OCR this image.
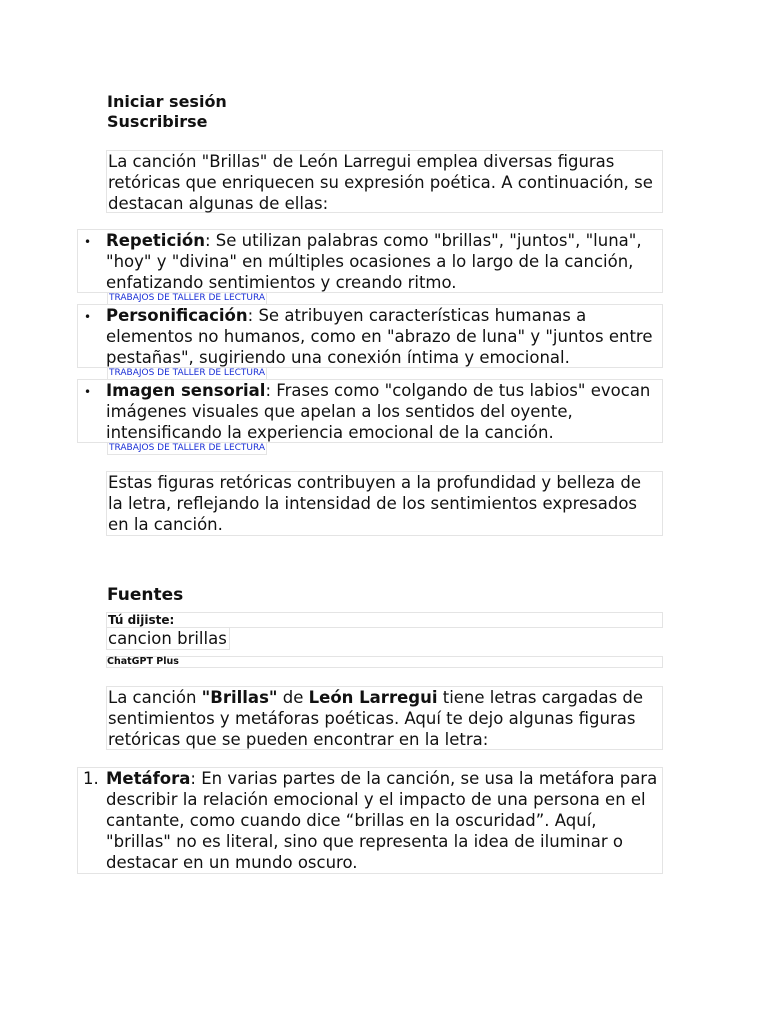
Iniciar sesión
Suscribirse
La canción "Brillas" de León Larregui emplea diversas figuras retóricas que enriquecen su expresión poética. A continuación, se destacan algunas de ellas:
• Repetición: Se utilizan palabras como "brillas", "juntos", "luna", "hoy" y "divina" en múltiples ocasiones a lo largo de la canción, enfatizando sentimientos y creando ritmo.
TRABAJOS DE TALLER DE LECTURA
• Personificación: Se atribuyen características humanas a elementos no humanos, como en "abrazo de luna" y "juntos entre pestañas", sugiriendo una conexión íntima y emocional.
TRABAJOS DE TALLER DE LECTURA
• Imagen sensorial: Frases como "colgando de tus labios" evocan imágenes visuales que apelan a los sentidos del oyente, intensificando la experiencia emocional de la canción.
TRABAJOS DE TALLER DE LECTURA
Estas figuras retóricas contribuyen a la profundidad y belleza de la letra, reflejando la intensidad de los sentimientos expresados en la canción.
Fuentes
Tú dijiste:
cancion brillas
ChatGPT Plus
La canción "Brillas" de León Larregui tiene letras cargadas de sentimientos y metáforas poéticas. Aquí te dejo algunas figuras retóricas que se pueden encontrar en la letra:
1. Metáfora: En varias partes de la canción, se usa la metáfora para describir la relación emocional y el impacto de una persona en el cantante, como cuando dice “brillas en la oscuridad”. Aquí, "brillas" no es literal, sino que representa la idea de iluminar o destacar en un mundo oscuro.
